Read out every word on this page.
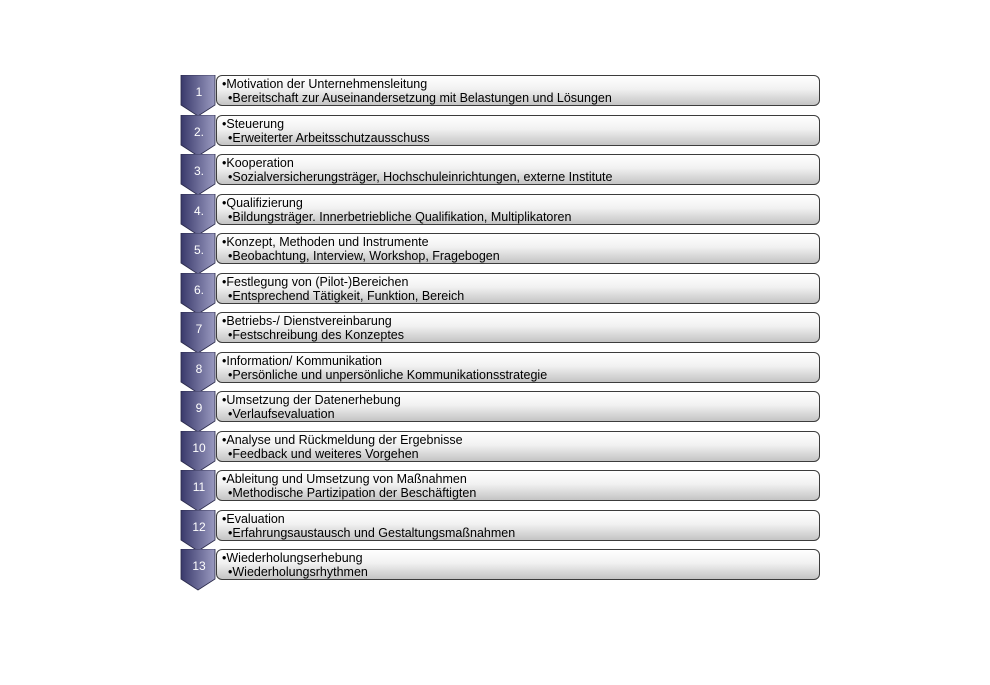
1
•Motivation der Unternehmensleitung
•Bereitschaft zur Auseinandersetzung mit Belastungen und Lösungen
2.
•Steuerung
•Erweiterter Arbeitsschutzausschuss
3.
•Kooperation
•Sozialversicherungsträger, Hochschuleinrichtungen, externe Institute
4.
•Qualifizierung
•Bildungsträger. Innerbetriebliche Qualifikation, Multiplikatoren
5.
•Konzept, Methoden und Instrumente
•Beobachtung, Interview, Workshop, Fragebogen
6.
•Festlegung von (Pilot-)Bereichen
•Entsprechend Tätigkeit, Funktion, Bereich
7
•Betriebs-/ Dienstvereinbarung
•Festschreibung des Konzeptes
8
•Information/ Kommunikation
•Persönliche und unpersönliche Kommunikationsstrategie
9
•Umsetzung der Datenerhebung
•Verlaufsevaluation
10
•Analyse und Rückmeldung der Ergebnisse
•Feedback und weiteres Vorgehen
11
•Ableitung und Umsetzung von Maßnahmen
•Methodische Partizipation der Beschäftigten
12
•Evaluation
•Erfahrungsaustausch und Gestaltungsmaßnahmen
13
•Wiederholungserhebung
•Wiederholungsrhythmen
